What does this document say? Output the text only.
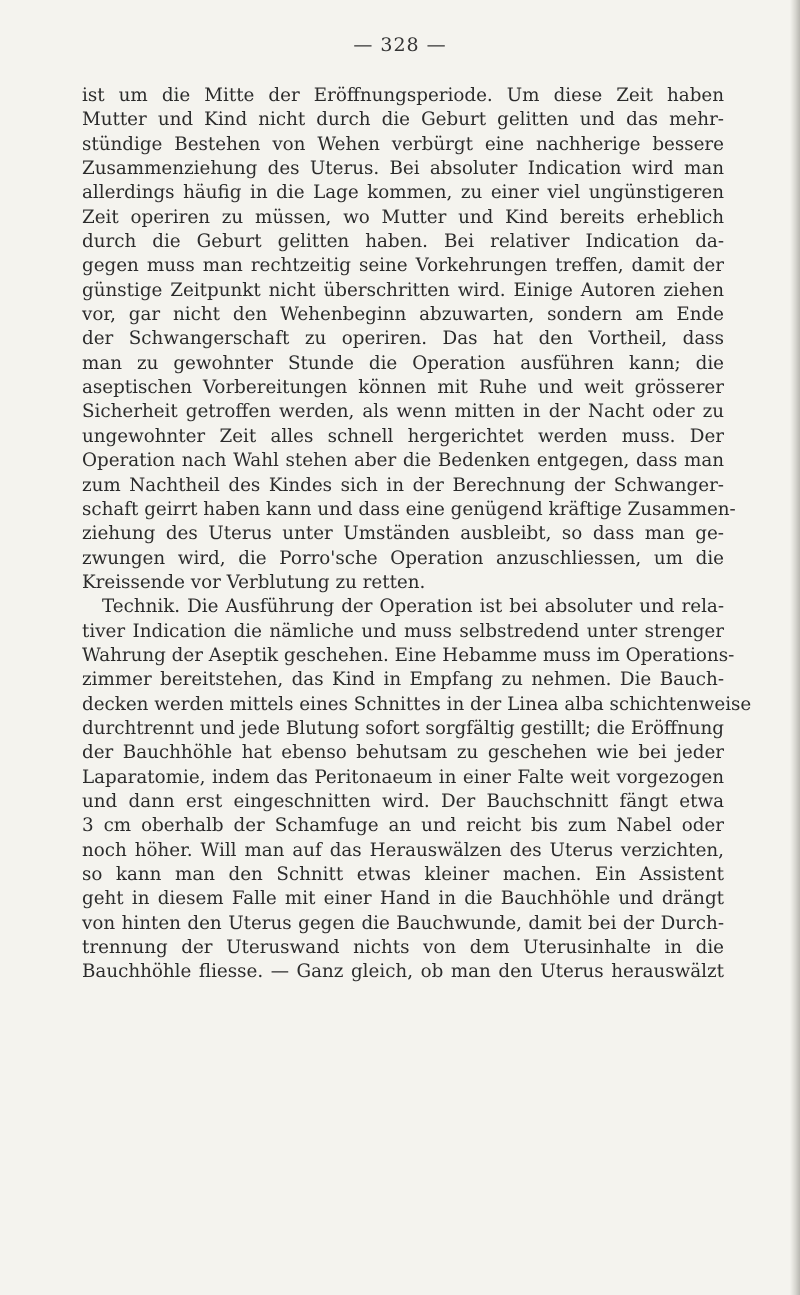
— 328 —
ist um die Mitte der Eröffnungsperiode. Um diese Zeit haben
Mutter und Kind nicht durch die Geburt gelitten und das mehr-
stündige Bestehen von Wehen verbürgt eine nachherige bessere
Zusammenziehung des Uterus. Bei absoluter Indication wird man
allerdings häufig in die Lage kommen, zu einer viel ungünstigeren
Zeit operiren zu müssen, wo Mutter und Kind bereits erheblich
durch die Geburt gelitten haben. Bei relativer Indication da-
gegen muss man rechtzeitig seine Vorkehrungen treffen, damit der
günstige Zeitpunkt nicht überschritten wird. Einige Autoren ziehen
vor, gar nicht den Wehenbeginn abzuwarten, sondern am Ende
der Schwangerschaft zu operiren. Das hat den Vortheil, dass
man zu gewohnter Stunde die Operation ausführen kann; die
aseptischen Vorbereitungen können mit Ruhe und weit grösserer
Sicherheit getroffen werden, als wenn mitten in der Nacht oder zu
ungewohnter Zeit alles schnell hergerichtet werden muss. Der
Operation nach Wahl stehen aber die Bedenken entgegen, dass man
zum Nachtheil des Kindes sich in der Berechnung der Schwanger-
schaft geirrt haben kann und dass eine genügend kräftige Zusammen-
ziehung des Uterus unter Umständen ausbleibt, so dass man ge-
zwungen wird, die Porro'sche Operation anzuschliessen, um die
Kreissende vor Verblutung zu retten.
Technik. Die Ausführung der Operation ist bei absoluter und rela-
tiver Indication die nämliche und muss selbstredend unter strenger
Wahrung der Aseptik geschehen. Eine Hebamme muss im Operations-
zimmer bereitstehen, das Kind in Empfang zu nehmen. Die Bauch-
decken werden mittels eines Schnittes in der Linea alba schichtenweise
durchtrennt und jede Blutung sofort sorgfältig gestillt; die Eröffnung
der Bauchhöhle hat ebenso behutsam zu geschehen wie bei jeder
Laparatomie, indem das Peritonaeum in einer Falte weit vorgezogen
und dann erst eingeschnitten wird. Der Bauchschnitt fängt etwa
3 cm oberhalb der Schamfuge an und reicht bis zum Nabel oder
noch höher. Will man auf das Herauswälzen des Uterus verzichten,
so kann man den Schnitt etwas kleiner machen. Ein Assistent
geht in diesem Falle mit einer Hand in die Bauchhöhle und drängt
von hinten den Uterus gegen die Bauchwunde, damit bei der Durch-
trennung der Uteruswand nichts von dem Uterusinhalte in die
Bauchhöhle fliesse. — Ganz gleich, ob man den Uterus herauswälzt
